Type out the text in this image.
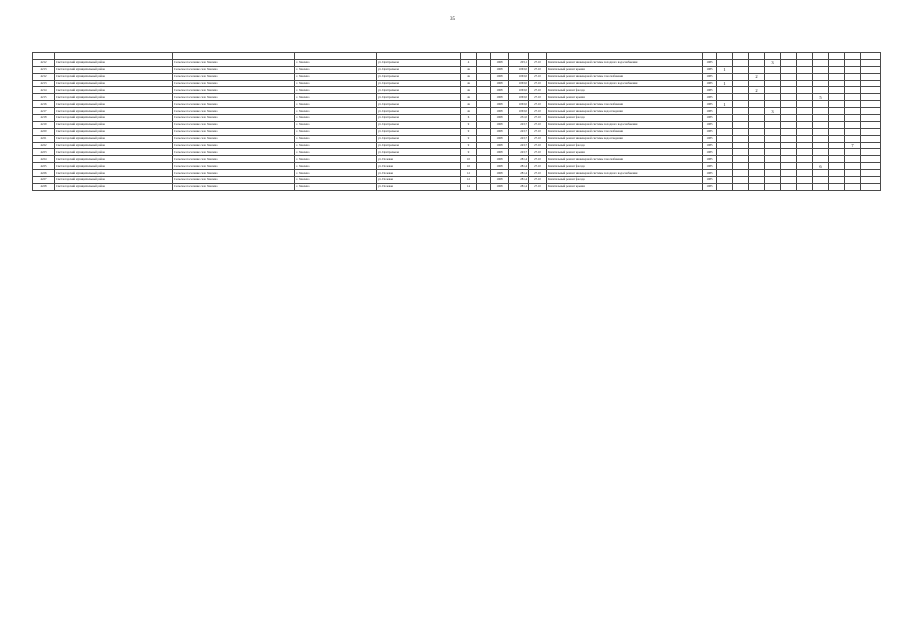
35

4212	Светлогорский муниципальный район	Сельское поселение село Хвалево	с. Хвалево	ул. Центральная	4		1968	203,1	27.10	Капитальный ремонт инженерной системы холодного водоснабжения	1985				3						
4213	Светлогорский муниципальный район	Сельское поселение село Хвалево	с. Хвалево	ул. Центральная	4а		1968	1063,0	27.10	Капитальный ремонт крыши	1985	1									
4212	Светлогорский муниципальный район	Сельское поселение село Хвалево	с. Хвалево	ул. Центральная	4а		1968	1063,0	27.10	Капитальный ремонт инженерной системы газоснабжения	1985			2							
4213	Светлогорский муниципальный район	Сельское поселение село Хвалево	с. Хвалево	ул. Центральная	4а		1968	1063,0	27.10	Капитальный ремонт инженерной системы холодного водоснабжения	1985	1									
4214	Светлогорский муниципальный район	Сельское поселение село Хвалево	с. Хвалево	ул. Центральная	4а		1968	1063,0	27.10	Капитальный ремонт фасада	1985			2							
4215	Светлогорский муниципальный район	Сельское поселение село Хвалево	с. Хвалево	ул. Центральная	4а		1968	1063,0	27.10	Капитальный ремонт крыши	1985							5			
4216	Светлогорский муниципальный район	Сельское поселение село Хвалево	с. Хвалево	ул. Центральная	4а		1968	1063,0	27.10	Капитальный ремонт инженерной системы газоснабжения	1985	1									
4217	Светлогорский муниципальный район	Сельское поселение село Хвалево	с. Хвалево	ул. Центральная	4а		1968	1063,0	27.10	Капитальный ремонт инженерной системы водоотведения	1985				3						
4218	Светлогорский муниципальный район	Сельское поселение село Хвалево	с. Хвалево	ул. Центральная	6		1968	231,0	27.10	Капитальный ремонт фасада	1985										
4219	Светлогорский муниципальный район	Сельское поселение село Хвалево	с. Хвалево	ул. Центральная	9		1968	243,7	27.10	Капитальный ремонт инженерной системы холодного водоснабжения	1985										
4220	Светлогорский муниципальный район	Сельское поселение село Хвалево	с. Хвалево	ул. Центральная	9		1968	243,7	27.10	Капитальный ремонт инженерной системы газоснабжения	1985										
4221	Светлогорский муниципальный район	Сельское поселение село Хвалево	с. Хвалево	ул. Центральная	9		1968	243,7	27.10	Капитальный ремонт инженерной системы водоотведения	1985										
4222	Светлогорский муниципальный район	Сельское поселение село Хвалево	с. Хвалево	ул. Центральная	9		1968	243,7	27.10	Капитальный ремонт фасада	1985									7	
4223	Светлогорский муниципальный район	Сельское поселение село Хвалево	с. Хвалево	ул. Центральная	9		1968	243,7	27.10	Капитальный ремонт крыши	1985										
4224	Светлогорский муниципальный район	Сельское поселение село Хвалево	с. Хвалево	ул. Полевая	10		1968	281,4	27.10	Капитальный ремонт инженерной системы газоснабжения	1985										
4225	Светлогорский муниципальный район	Сельское поселение село Хвалево	с. Хвалево	ул. Полевая	10		1968	281,4	27.10	Капитальный ремонт фасада	1985							6			
4226	Светлогорский муниципальный район	Сельское поселение село Хвалево	с. Хвалево	ул. Полевая	12		1968	281,4	27.10	Капитальный ремонт инженерной системы холодного водоснабжения	1985										
4227	Светлогорский муниципальный район	Сельское поселение село Хвалево	с. Хвалево	ул. Полевая	12		1968	281,4	27.10	Капитальный ремонт фасада	1985										
4228	Светлогорский муниципальный район	Сельское поселение село Хвалево	с. Хвалево	ул. Полевая	14		1968	281,4	27.10	Капитальный ремонт крыши	1985										
